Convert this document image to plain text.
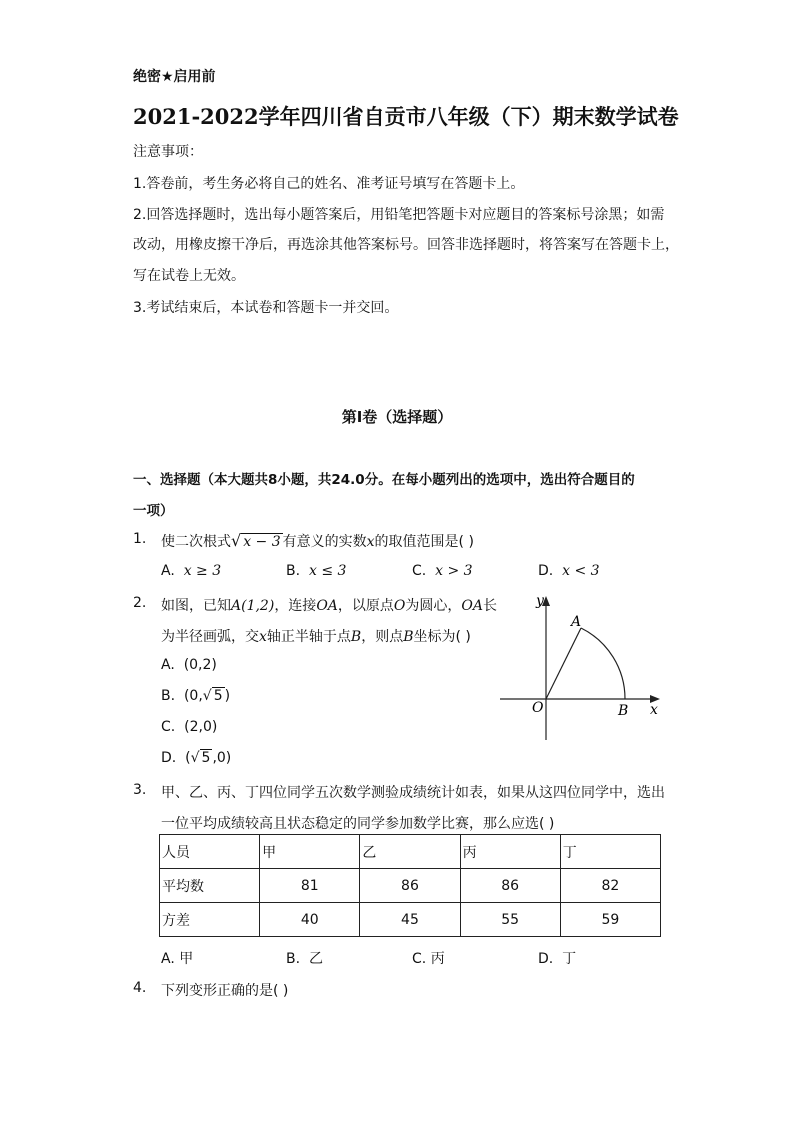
绝密★启用前
2021-2022学年四川省自贡市八年级（下）期末数学试卷
注意事项：
1.答卷前，考生务必将自己的姓名、准考证号填写在答题卡上。
2.回答选择题时，选出每小题答案后，用铅笔把答题卡对应题目的答案标号涂黑；如需
改动，用橡皮擦干净后，再选涂其他答案标号。回答非选择题时，将答案写在答题卡上，
写在试卷上无效。
3.考试结束后，本试卷和答题卡一并交回。
第I卷（选择题）
一、选择题（本大题共8小题，共24.0分。在每小题列出的选项中，选出符合题目的
一项）
1. 使二次根式√ x − 3 有意义的实数x的取值范围是( )
A. x ≥ 3	B. x ≤ 3	C. x > 3	D. x < 3
2. 如图，已知A(1,2)，连接OA，以原点O为圆心，OA长
为半径画弧，交x轴正半轴于点B，则点B坐标为( )
A. (0,2)
B. (0,√ 5 )
C. (2,0)
D. (√ 5 ,0)
y
x
O
A
B
3. 甲、乙、丙、丁四位同学五次数学测验成绩统计如表，如果从这四位同学中，选出
一位平均成绩较高且状态稳定的同学参加数学比赛，那么应选( )
人员	甲	乙	丙	丁
平均数	81	86	86	82
方差	40	45	55	59
A. 甲	B. 乙	C. 丙	D. 丁
4. 下列变形正确的是( )
